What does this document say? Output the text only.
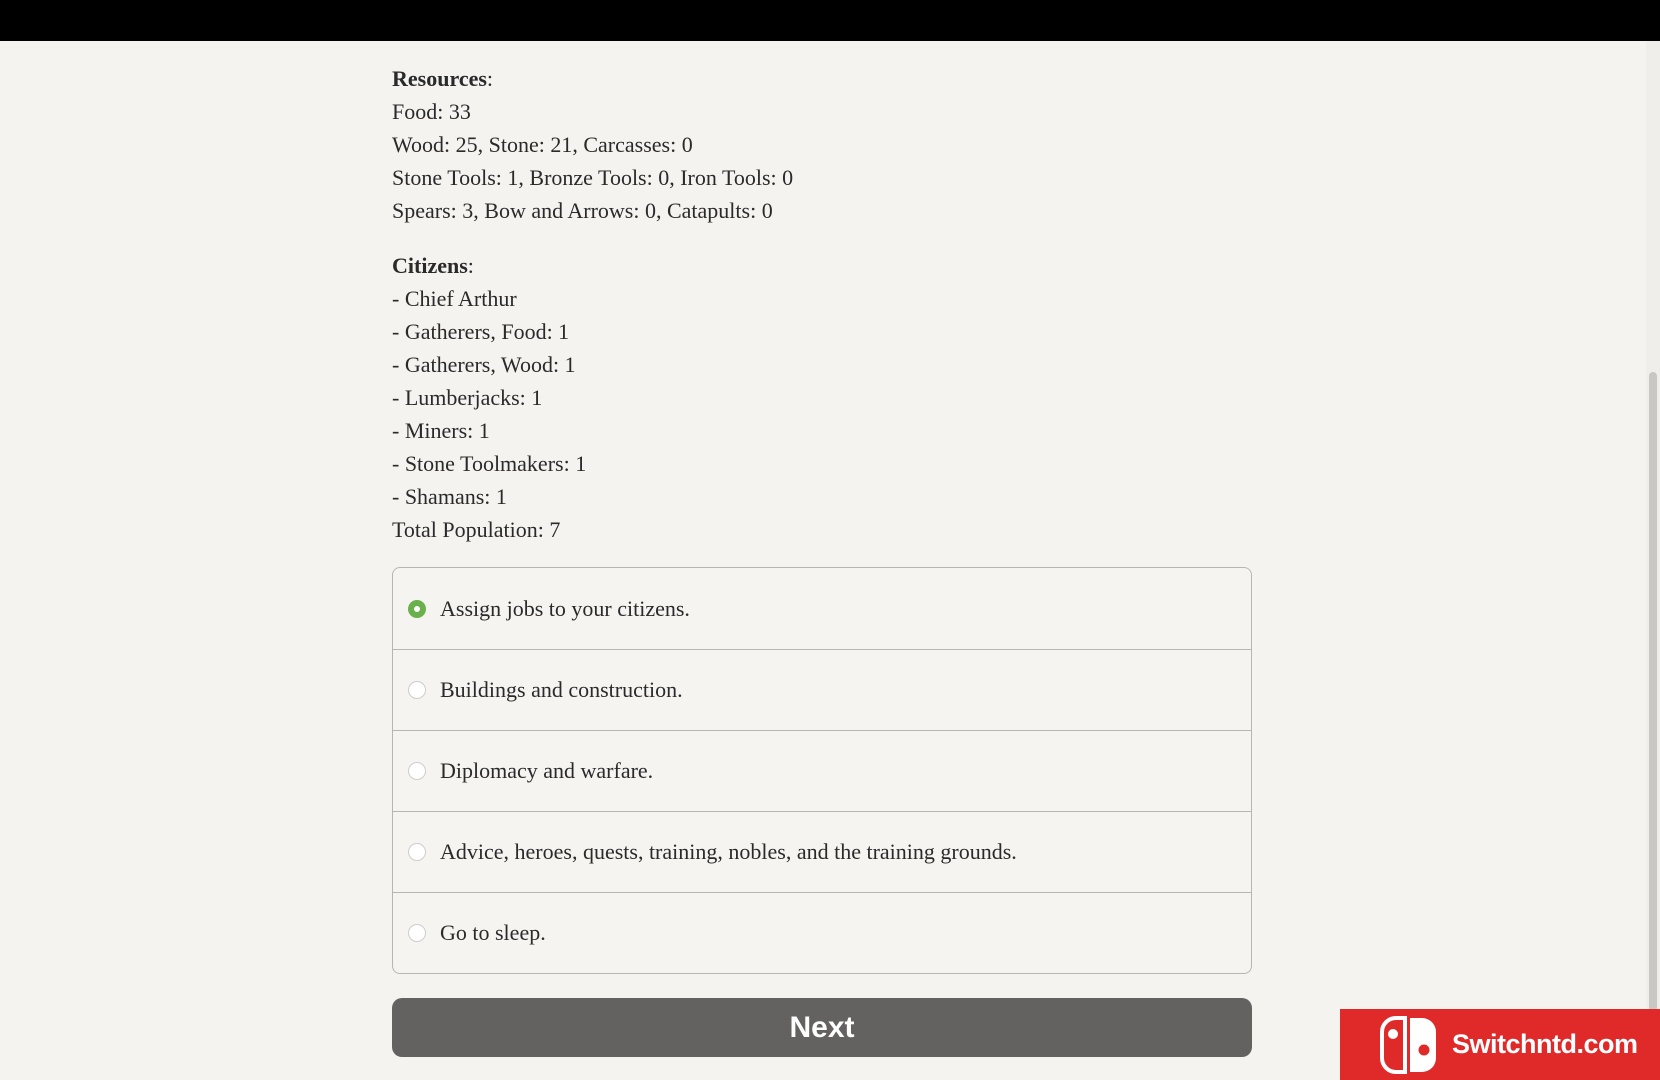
Resources:

Food: 33

Wood: 25, Stone: 21, Carcasses: 0

Stone Tools: 1, Bronze Tools: 0, Iron Tools: 0

Spears: 3, Bow and Arrows: 0, Catapults: 0

Citizens:

- Chief Arthur

- Gatherers, Food: 1

- Gatherers, Wood: 1

- Lumberjacks: 1

- Miners: 1

- Stone Toolmakers: 1

- Shamans: 1

Total Population: 7

Assign jobs to your citizens.
Buildings and construction.
Diplomacy and warfare.
Advice, heroes, quests, training, nobles, and the training grounds.
Go to sleep.
Next
Switchntd.com
